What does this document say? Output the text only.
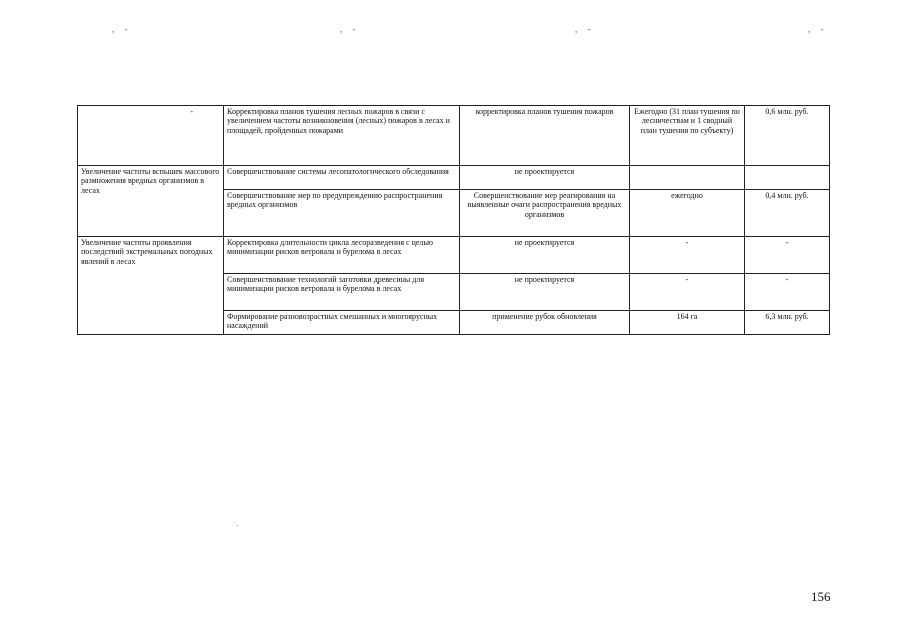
, -	, -	, -	, -
-	Корректировка планов тушения лесных пожаров в связи с увеличением частоты возникновения (лесных) пожаров в лесах и площадей, пройденных пожарами	корректировка планов тушения пожаров	Ежегодно (31 план тушения по лесничествам и 1 сводный план тушения по субъекту)	0,6 млн. руб.
Увеличение частоты вспышек массового размножения вредных организмов в лесах	Совершенствование системы лесопатологического обследования	не проектируется		
	Совершенствование мер по предупреждению распространения вредных организмов	Совершенствование мер реагирования на выявленные очаги распространения вредных организмов	ежегодно	0,4 млн. руб.
Увеличение частоты проявления последствий экстремальных погодных явлений в лесах	Корректировка длительности цикла лесоразведения с целью минимизации рисков ветровала и бурелома в лесах	не проектируется	-	-
	Совершенствование технологий заготовки древесины для минимизации рисков ветровала и бурелома в лесах	не проектируется	-	-
	Формирование разновозрастных смешанных и многоярусных насаждений	применение рубок обновления	164 га	6,3 млн. руб.
156
